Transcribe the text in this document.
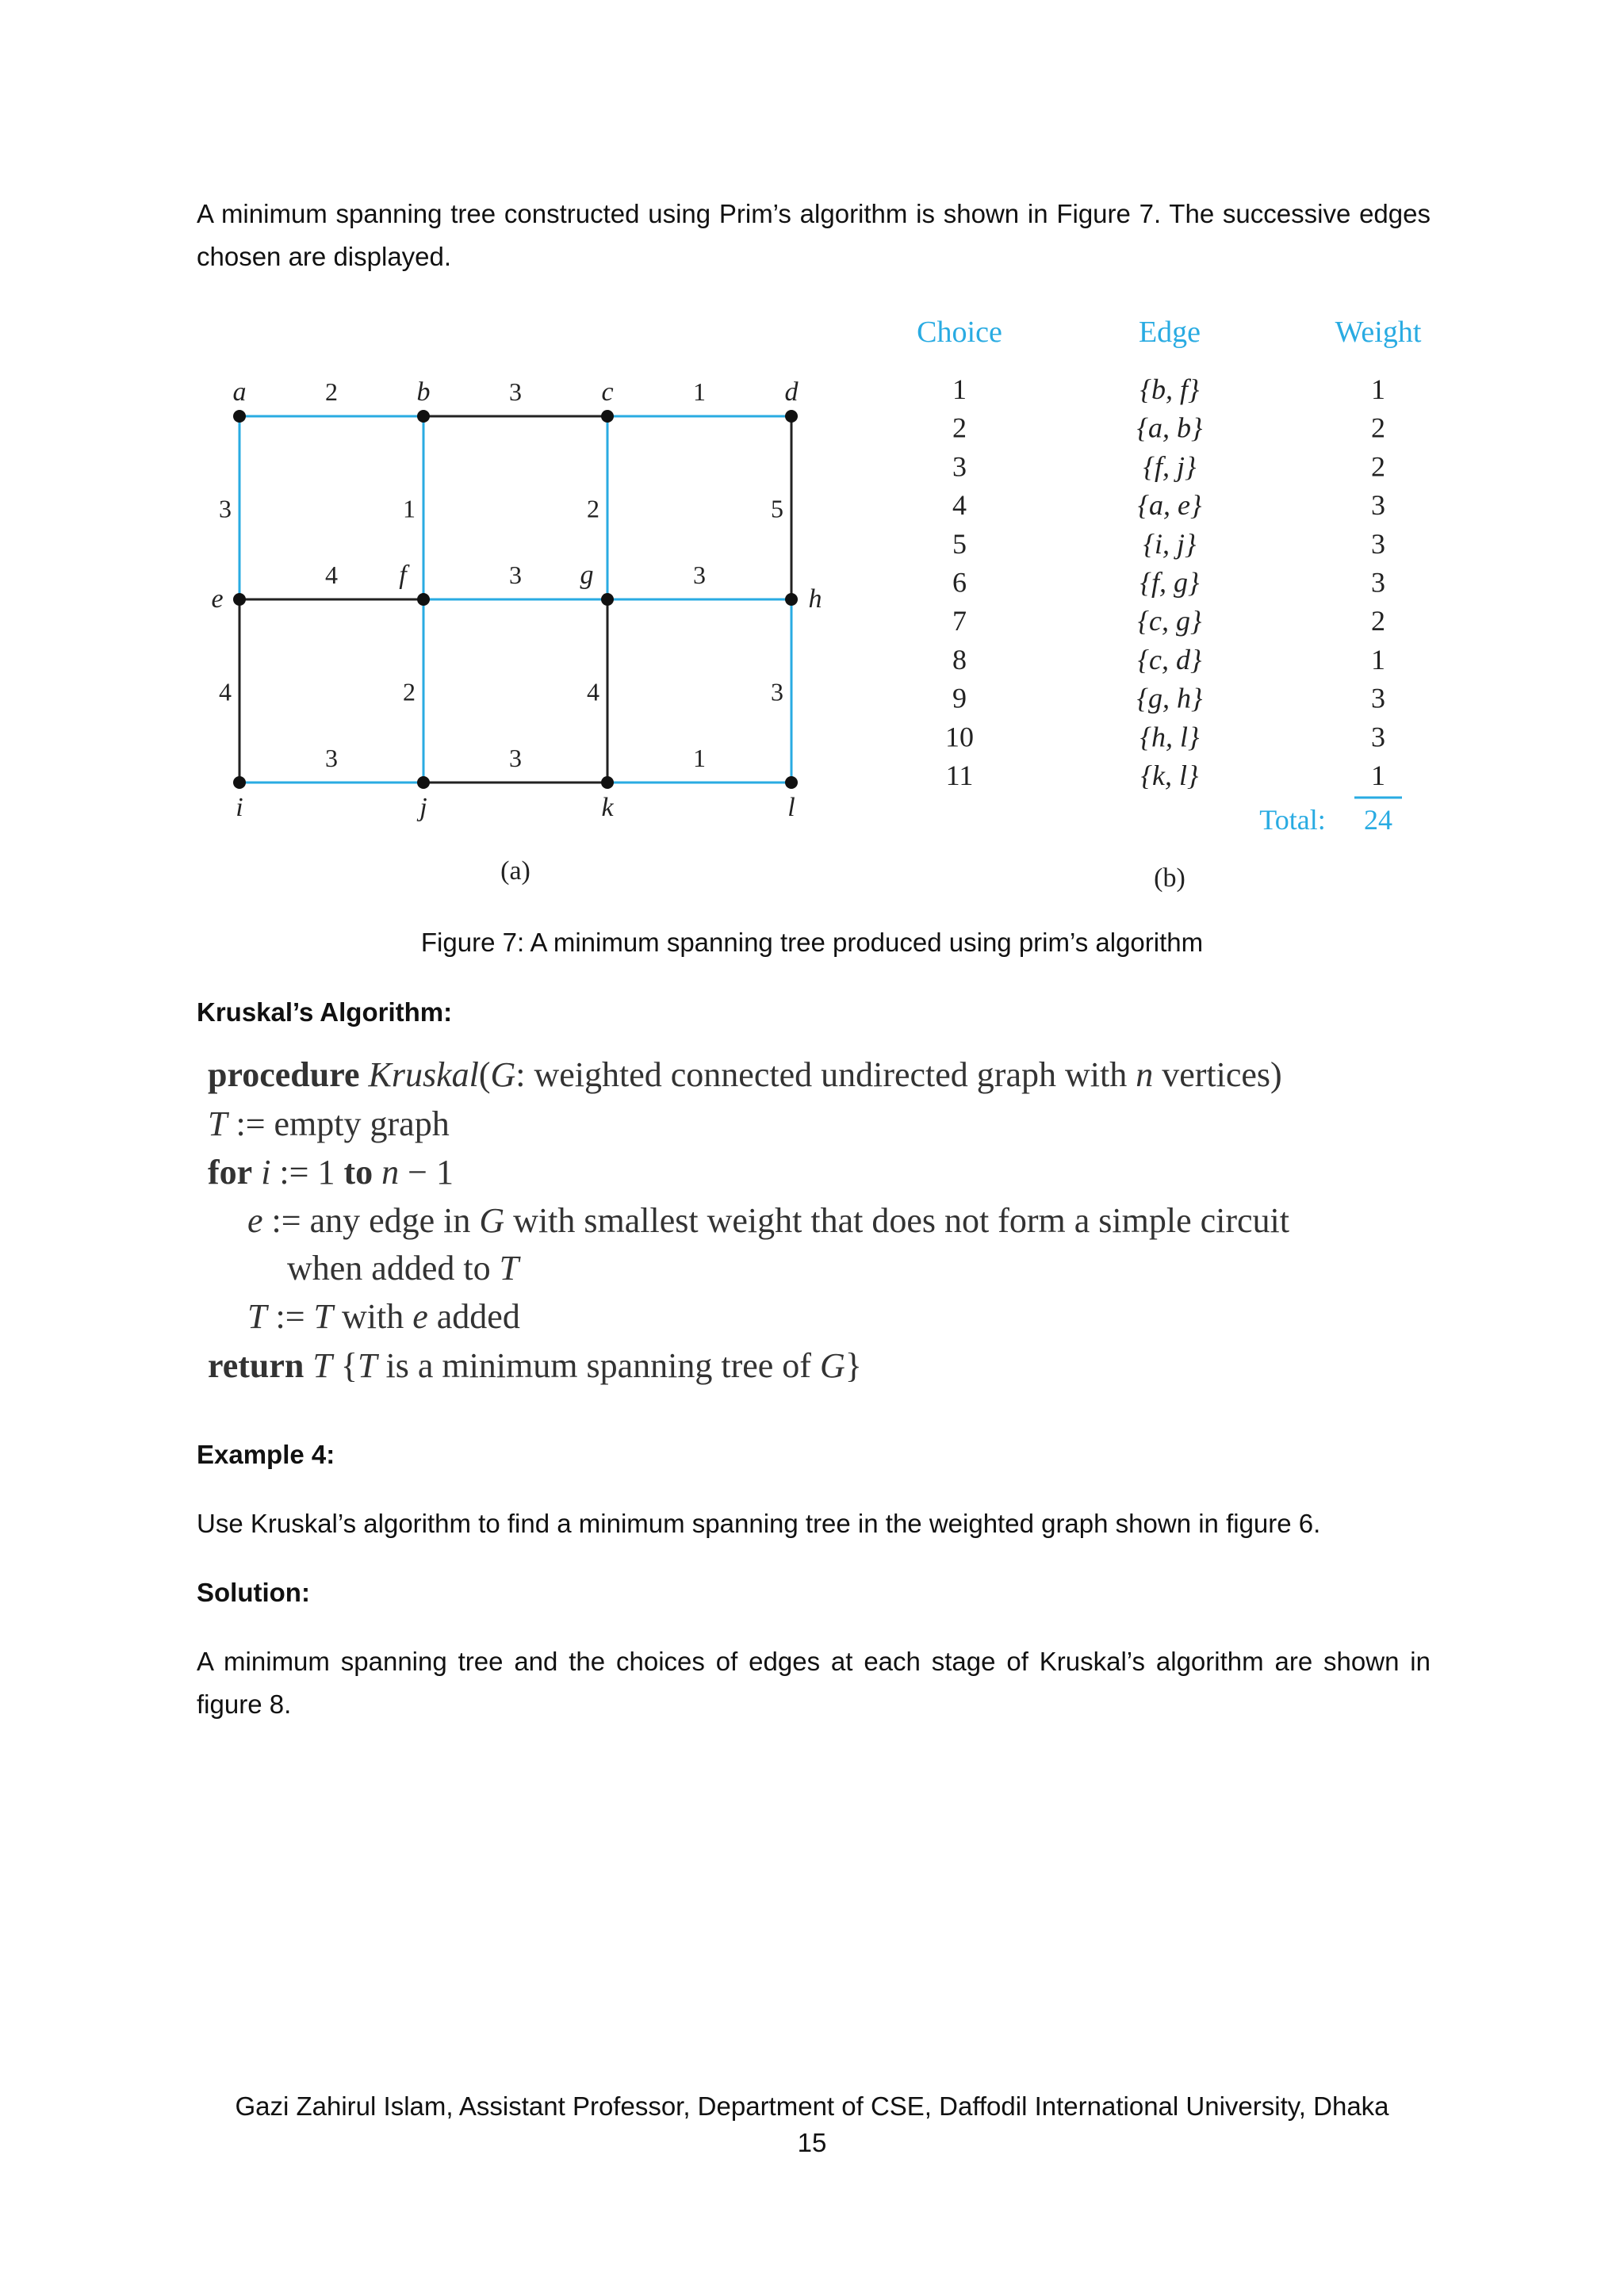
A minimum spanning tree constructed using Prim’s algorithm is shown in Figure 7. The successive edges chosen are displayed.

2	3	1
3	1	2	5
4	3	3
4	2	4	3
3	3	1
a	b	c	d
e
f	g
h
i	j	k	l
(a)
Choice	Edge	Weight
1	{b, f}	1
2	{a, b}	2
3	{f, j}	2
4	{a, e}	3
5	{i, j}	3
6	{f, g}	3
7	{c, g}	2
8	{c, d}	1
9	{g, h}	3
10	{h, l}	3
11	{k, l}	1
Total: 24
(b)
Figure 7: A minimum spanning tree produced using prim’s algorithm

Kruskal’s Algorithm:

procedure Kruskal(G: weighted connected undirected graph with n vertices)
T := empty graph
for i := 1 to n − 1
e := any edge in G with smallest weight that does not form a simple circuit
when added to T
T := T with e added
return T {T is a minimum spanning tree of G}

Example 4:

Use Kruskal’s algorithm to find a minimum spanning tree in the weighted graph shown in figure 6.

Solution:

A minimum spanning tree and the choices of edges at each stage of Kruskal’s algorithm are shown in figure 8.

Gazi Zahirul Islam, Assistant Professor, Department of CSE, Daffodil International University, Dhaka
15
